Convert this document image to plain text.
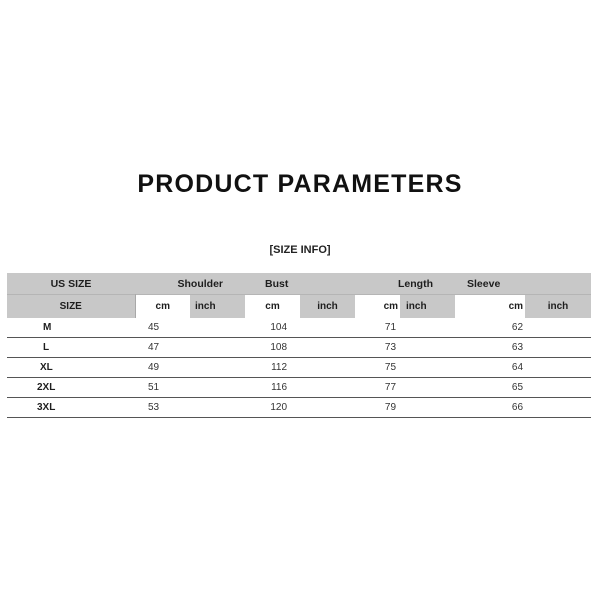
PRODUCT PARAMETERS
[SIZE INFO]
US SIZE	Shoulder		Bust		Length		Sleeve	
SIZE	cm	inch	cm	inch	cm	inch	cm	inch
M	45		104		71		62	
L	47		108		73		63	
XL	49		112		75		64	
2XL	51		116		77		65	
3XL	53		120		79		66	
